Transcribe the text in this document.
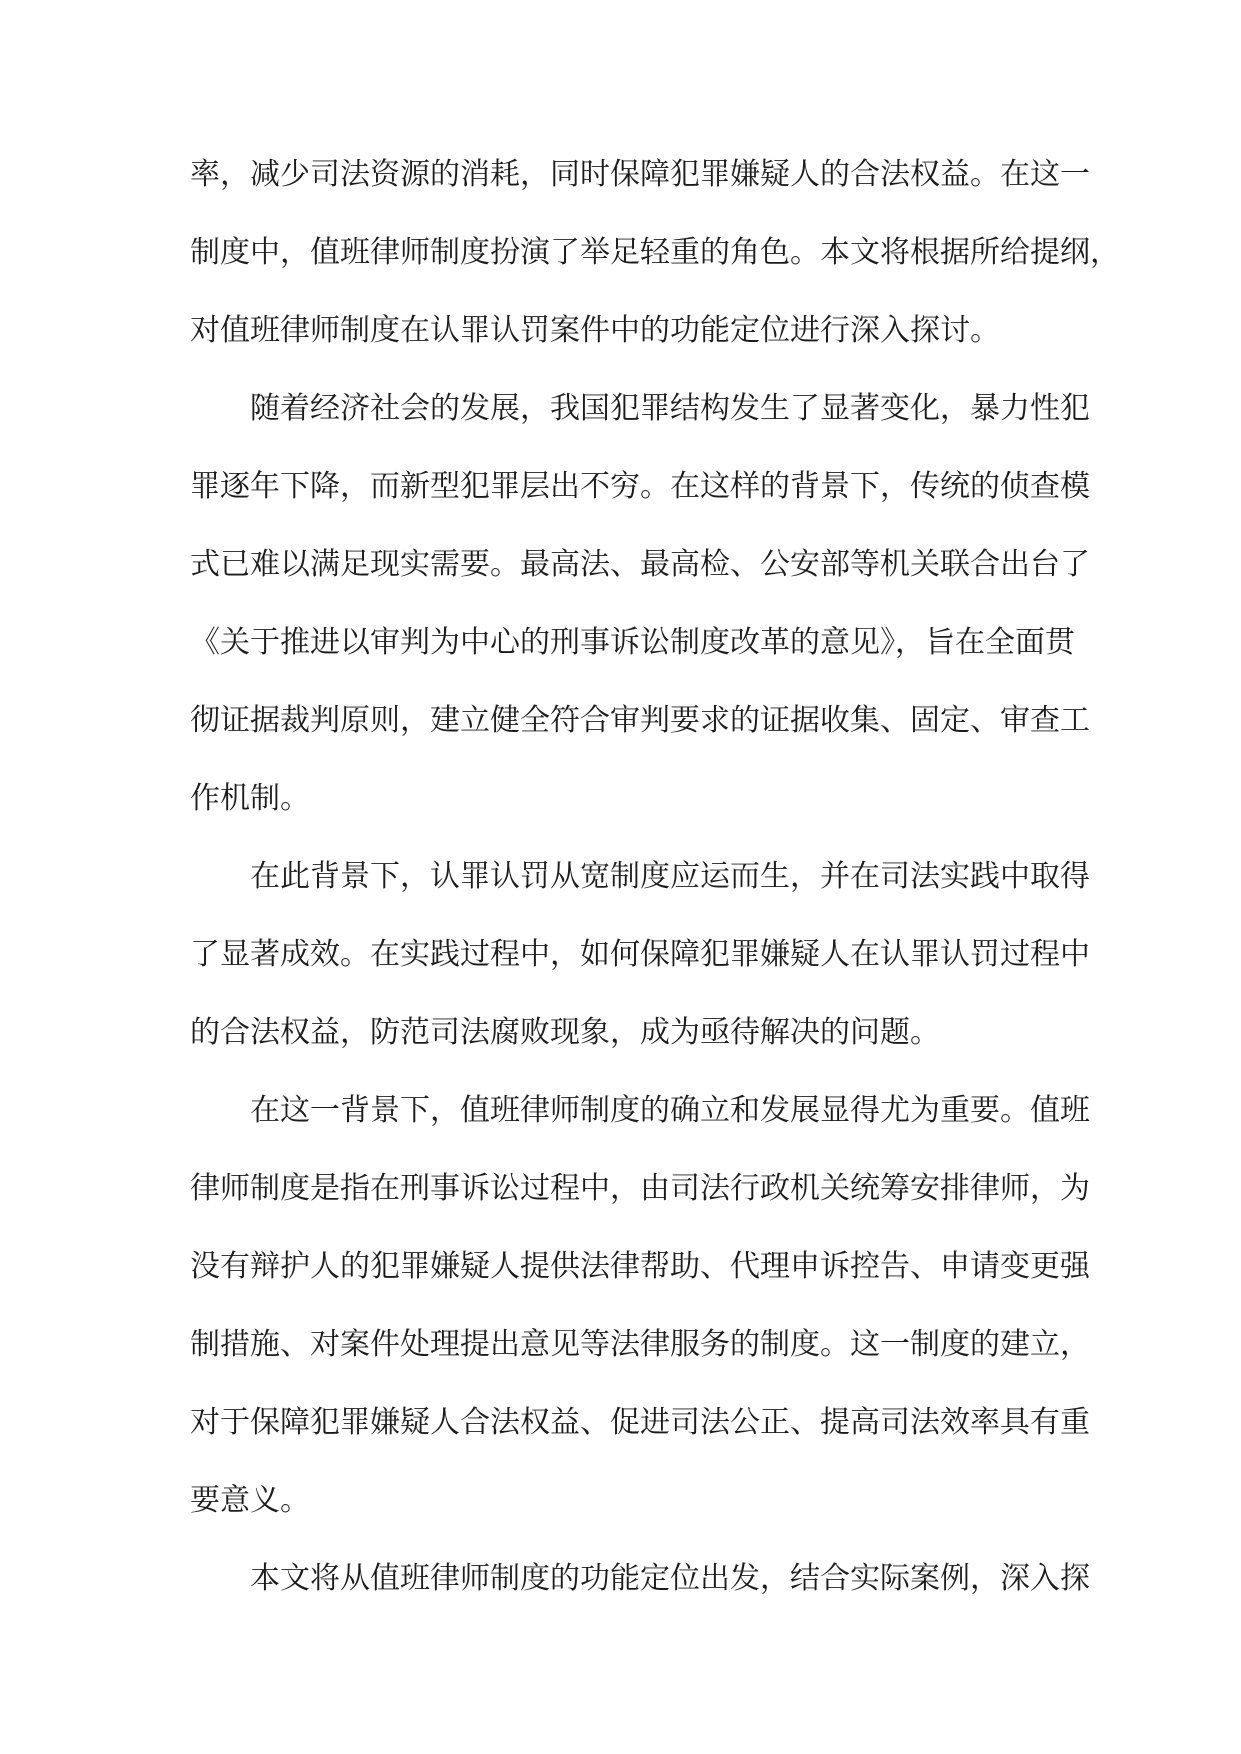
率，减少司法资源的消耗，同时保障犯罪嫌疑人的合法权益。在这一
制度中，值班律师制度扮演了举足轻重的角色。本文将根据所给提纲，
对值班律师制度在认罪认罚案件中的功能定位进行深入探讨。
随着经济社会的发展，我国犯罪结构发生了显著变化，暴力性犯
罪逐年下降，而新型犯罪层出不穷。在这样的背景下，传统的侦查模
式已难以满足现实需要。最高法、最高检、公安部等机关联合出台了
《关于推进以审判为中心的刑事诉讼制度改革的意见》，旨在全面贯
彻证据裁判原则，建立健全符合审判要求的证据收集、固定、审查工
作机制。
在此背景下，认罪认罚从宽制度应运而生，并在司法实践中取得
了显著成效。在实践过程中，如何保障犯罪嫌疑人在认罪认罚过程中
的合法权益，防范司法腐败现象，成为亟待解决的问题。
在这一背景下，值班律师制度的确立和发展显得尤为重要。值班
律师制度是指在刑事诉讼过程中，由司法行政机关统筹安排律师，为
没有辩护人的犯罪嫌疑人提供法律帮助、代理申诉控告、申请变更强
制措施、对案件处理提出意见等法律服务的制度。这一制度的建立，
对于保障犯罪嫌疑人合法权益、促进司法公正、提高司法效率具有重
要意义。
本文将从值班律师制度的功能定位出发，结合实际案例，深入探
